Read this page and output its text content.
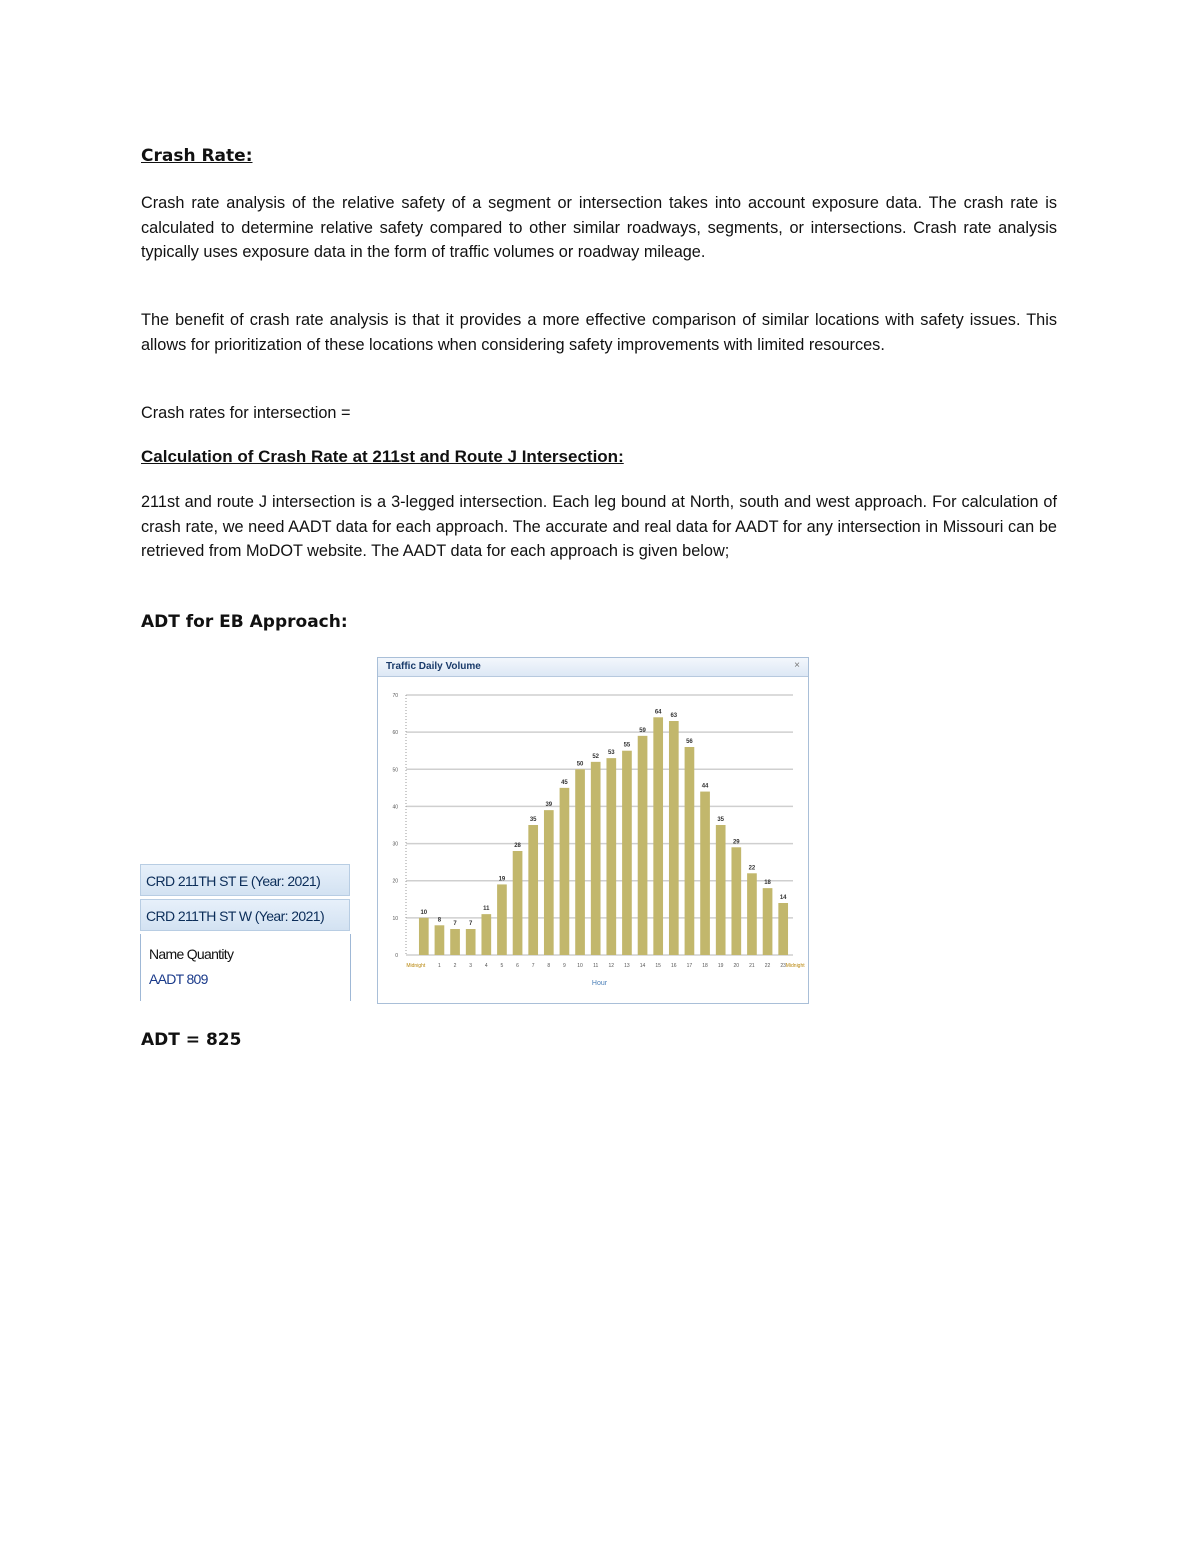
Crash Rate:
Crash rate analysis of the relative safety of a segment or intersection takes into account exposure data. The crash rate is calculated to determine relative safety compared to other similar roadways, segments, or intersections. Crash rate analysis typically uses exposure data in the form of traffic volumes or roadway mileage.
The benefit of crash rate analysis is that it provides a more effective comparison of similar locations with safety issues. This allows for prioritization of these locations when considering safety improvements with limited resources.
Crash rates for intersection =
Calculation of Crash Rate at 211st and Route J Intersection:
211st and route J intersection is a 3-legged intersection. Each leg bound at North, south and west approach. For calculation of crash rate, we need AADT data for each approach. The accurate and real data for AADT for any intersection in Missouri can be retrieved from MoDOT website. The AADT data for each approach is given below;
ADT for EB Approach:
CRD 211TH ST E (Year: 2021)
CRD 211TH ST W (Year: 2021)
Name Quantity
AADT 809
Traffic Daily Volume	×
0
10
20
30
40
50
60
70
10
8
7 7
11
19
28
35
39
45
50
52
53
55
59
64
63
56
44
35
29
22
18
14
Midnight	1	2	3	4	5	6	7	8	9 10 11 12 13 14 15 16 17 18 19 20 21 22 23 Midnight
Hour
ADT = 825
